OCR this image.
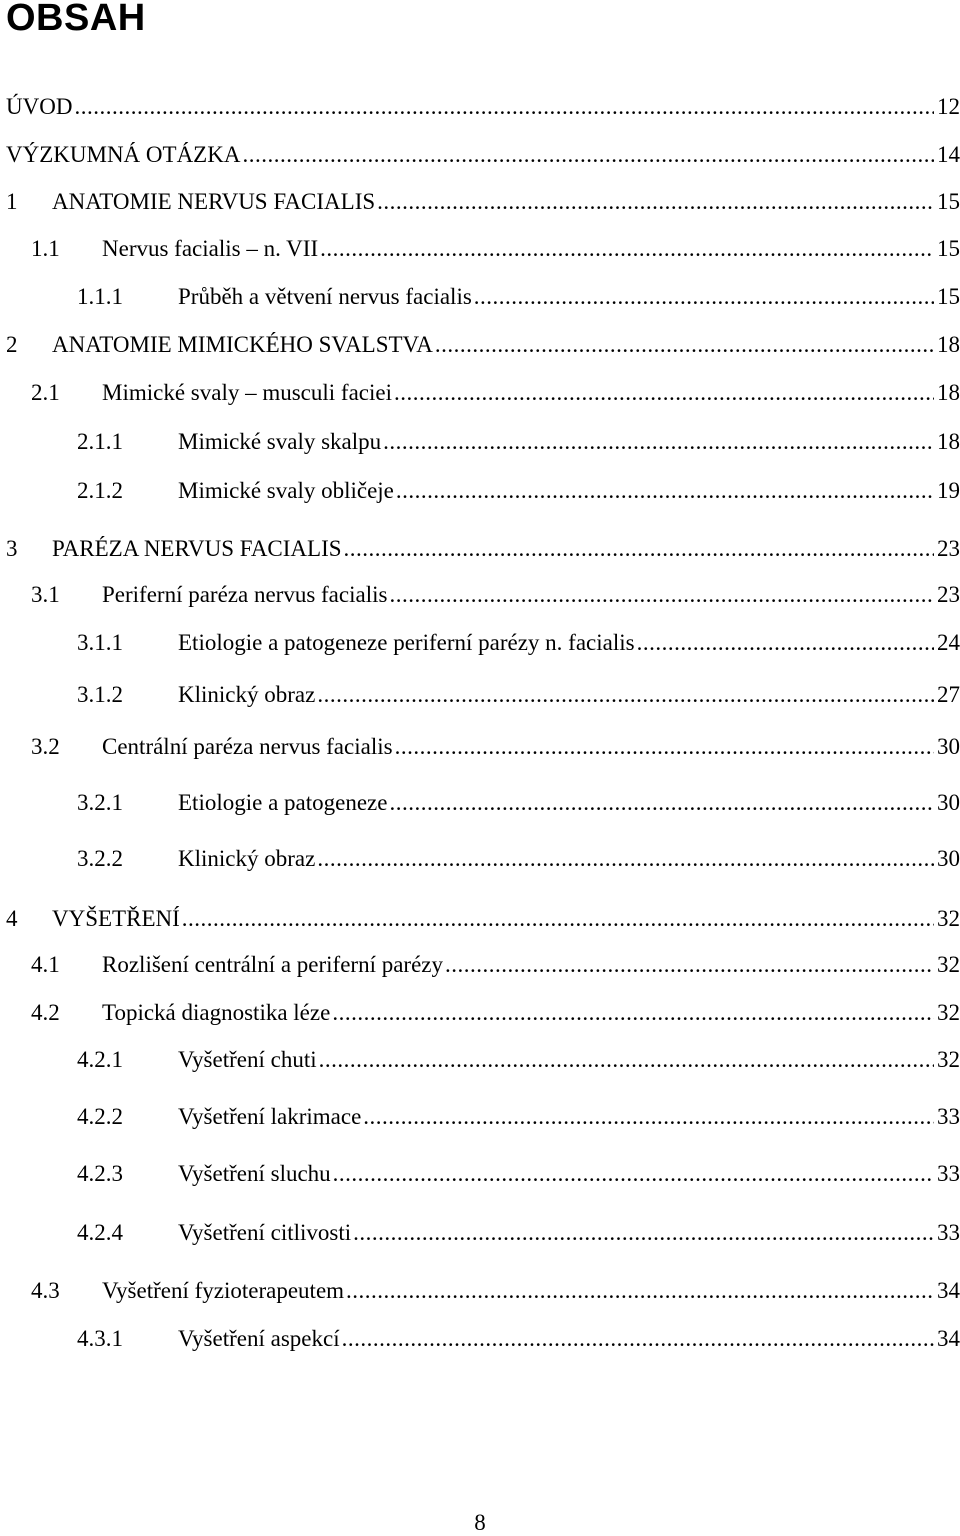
OBSAH
ÚVOD .....	12
VÝZKUMNÁ OTÁZKA .....	14
1 ANATOMIE NERVUS FACIALIS .....	15
1.1 Nervus facialis – n. VII .....	15
1.1.1 Průběh a větvení nervus facialis .....	15
2 ANATOMIE MIMICKÉHO SVALSTVA .....	18
2.1 Mimické svaly – musculi faciei .....	18
2.1.1 Mimické svaly skalpu .....	18
2.1.2 Mimické svaly obličeje .....	19
3 PARÉZA NERVUS FACIALIS .....	23
3.1 Periferní paréza nervus facialis .....	23
3.1.1 Etiologie a patogeneze periferní parézy n. facialis .....	24
3.1.2 Klinický obraz .....	27
3.2 Centrální paréza nervus facialis .....	30
3.2.1 Etiologie a patogeneze .....	30
3.2.2 Klinický obraz .....	30
4 VYŠETŘENÍ .....	32
4.1 Rozlišení centrální a periferní parézy .....	32
4.2 Topická diagnostika léze .....	32
4.2.1 Vyšetření chuti .....	32
4.2.2 Vyšetření lakrimace .....	33
4.2.3 Vyšetření sluchu .....	33
4.2.4 Vyšetření citlivosti .....	33
4.3 Vyšetření fyzioterapeutem .....	34
4.3.1 Vyšetření aspekcí .....	34
8
